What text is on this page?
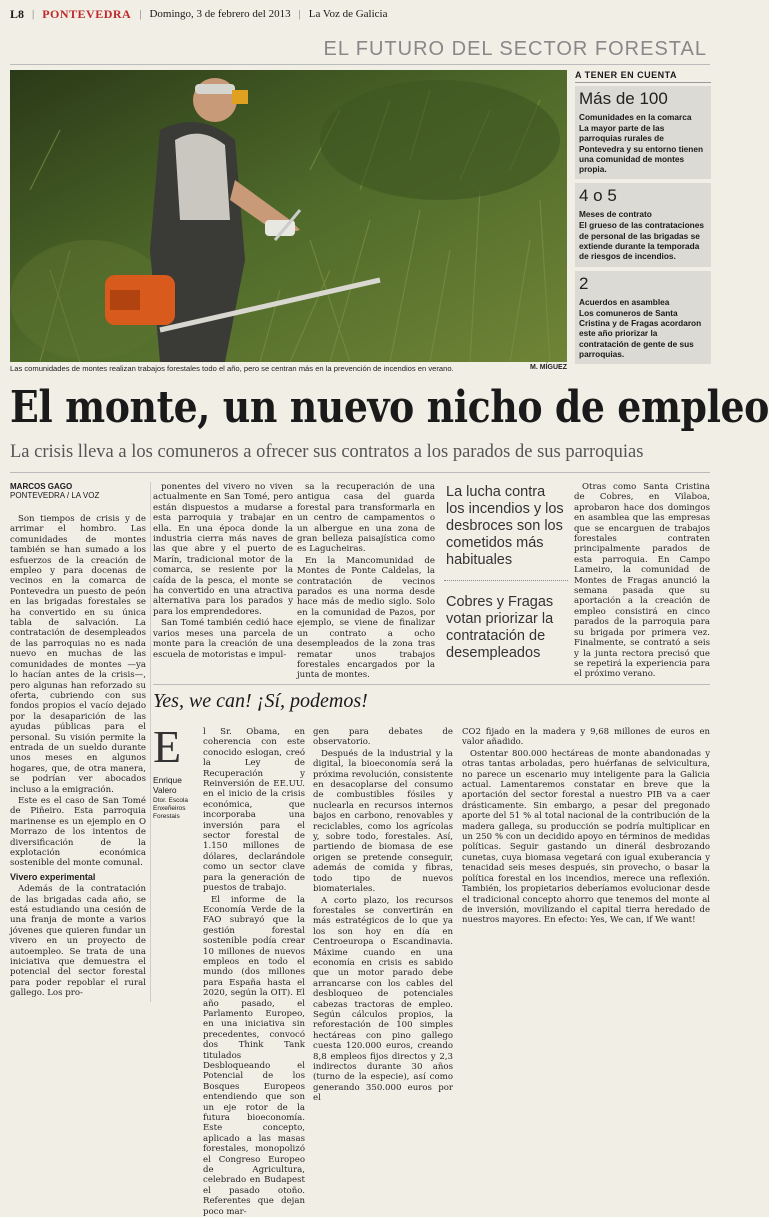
L8 | PONTEVEDRA | Domingo, 3 de febrero del 2013 | La Voz de Galicia
EL FUTURO DEL SECTOR FORESTAL
Las comunidades de montes realizan trabajos forestales todo el año, pero se centran más en la prevención de incendios en verano.	M. MÍGUEZ
A TENER EN CUENTA
Más de 100
Comunidades en la comarca
La mayor parte de las parroquias rurales de Pontevedra y su entorno tienen una comunidad de montes propia.
4 o 5
Meses de contrato
El grueso de las contrataciones de personal de las brigadas se extiende durante la temporada de riesgos de incendios.
2
Acuerdos en asamblea
Los comuneros de Santa Cristina y de Fragas acordaron este año priorizar la contratación de gente de sus parroquias.
El monte, un nuevo nicho de empleo
La crisis lleva a los comuneros a ofrecer sus contratos a los parados de sus parroquias
MARCOS GAGO
PONTEVEDRA / LA VOZ

Son tiempos de crisis y de arrimar el hombro. Las comunidades de montes también se han sumado a los esfuerzos de la creación de empleo y para docenas de vecinos en la comarca de Pontevedra un puesto de peón en las brigadas forestales se ha convertido en su única tabla de salvación. La contratación de desempleados de las parroquias no es nada nuevo en muchas de las comunidades de montes —ya lo hacían antes de la crisis—, pero algunas han reforzado su oferta, cubriendo con sus fondos propios el vacío dejado por la desaparición de las ayudas públicas para el personal. Su visión permite la entrada de un sueldo durante unos meses en algunos hogares, que, de otra manera, se podrían ver abocados incluso a la emigración.

Este es el caso de San Tomé de Piñeiro. Esta parroquia marinense es un ejemplo en O Morrazo de los intentos de diversificación de la explotación económica sostenible del monte comunal.

Vivero experimental

Además de la contratación de las brigadas cada año, se está estudiando una cesión de una franja de monte a varios jóvenes que quieren fundar un vivero en un proyecto de autoempleo. Se trata de una iniciativa que demuestra el potencial del sector forestal para poder repoblar el rural gallego. Los pro-

ponentes del vivero no viven actualmente en San Tomé, pero están dispuestos a mudarse a esta parroquia y trabajar en ella. En una época donde la industria cierra más naves de las que abre y el puerto de Marín, tradicional motor de la comarca, se resiente por la caída de la pesca, el monte se ha convertido en una atractiva alternativa para los parados y para los emprendedores.

San Tomé también cedió hace varios meses una parcela de monte para la creación de una escuela de motoristas e impul-

sa la recuperación de una antigua casa del guarda forestal para transformarla en un centro de campamentos o un albergue en una zona de gran belleza paisajística como es Lagucheiras.

En la Mancomunidad de Montes de Ponte Caldelas, la contratación de vecinos parados es una norma desde hace más de medio siglo. Solo en la comunidad de Pazos, por ejemplo, se viene de finalizar un contrato a ocho desempleados de la zona tras rematar unos trabajos forestales encargados por la junta de montes.

La lucha contra los incendios y los desbroces son los cometidos más habituales
Cobres y Fragas votan priorizar la contratación de desempleados

Otras como Santa Cristina de Cobres, en Vilaboa, aprobaron hace dos domingos en asamblea que las empresas que se encarguen de trabajos forestales contraten principalmente parados de esta parroquia. En Campo Lameiro, la comunidad de Montes de Fragas anunció la semana pasada que su aportación a la creación de empleo consistirá en cinco parados de la parroquia para su brigada por primera vez. Finalmente, se contrató a seis y la junta rectora precisó que se repetirá la experiencia para el próximo verano.

Yes, we can! ¡Sí, podemos!
E
Enrique Valero
Dtor. Escola Enxeñeiros Forestais

l Sr. Obama, en coherencia con este conocido eslogan, creó la Ley de Recuperación y Reinversión de EE.UU. en el inicio de la crisis económica, que incorporaba una inversión para el sector forestal de 1.150 millones de dólares, declarándole como un sector clave para la generación de puestos de trabajo.

El informe de la Economía Verde de la FAO subrayó que la gestión forestal sostenible podía crear 10 millones de nuevos empleos en todo el mundo (dos millones para España hasta el 2020, según la OIT). El año pasado, el Parlamento Europeo, en una iniciativa sin precedentes, convocó dos Think Tank titulados Desbloqueando el Potencial de los Bosques Europeos entendiendo que son un eje rotor de la futura bioeconomía. Este concepto, aplicado a las masas forestales, monopolizó el Congreso Europeo de Agricultura, celebrado en Budapest el pasado otoño. Referentes que dejan poco mar-

gen para debates de observatorio.

Después de la industrial y la digital, la bioeconomía será la próxima revolución, consistente en desacoplarse del consumo de combustibles fósiles y nuclearla en recursos internos bajos en carbono, renovables y reciclables, como los agrícolas y, sobre todo, forestales. Así, partiendo de biomasa de ese origen se pretende conseguir, además de comida y fibras, todo tipo de nuevos biomateriales.

A corto plazo, los recursos forestales se convertirán en más estratégicos de lo que ya los son hoy en día en Centroeuropa o Escandinavia. Máxime cuando en una economía en crisis es sabido que un motor parado debe arrancarse con los cables del desbloqueo de potenciales cabezas tractoras de empleo. Según cálculos propios, la reforestación de 100 simples hectáreas con pino gallego cuesta 120.000 euros, creando 8,8 empleos fijos directos y 2,3 indirectos durante 30 años (turno de la especie), así como generando 350.000 euros por el

CO2 fijado en la madera y 9,68 millones de euros en valor añadido.

Ostentar 800.000 hectáreas de monte abandonadas y otras tantas arboladas, pero huérfanas de selvicultura, no parece un escenario muy inteligente para la Galicia actual. Lamentaremos constatar en breve que la aportación del sector forestal a nuestro PIB va a caer drásticamente. Sin embargo, a pesar del pregonado aporte del 51 % al total nacional de la contribución de la madera gallega, su producción se podría multiplicar en un 250 % con un decidido apoyo en términos de medidas políticas. Seguir gastando un dinerál desbrozando cunetas, cuya biomasa vegetará con igual exuberancia y tenacidad seis meses después, sin provecho, o basar la política forestal en los incendios, merece una reflexión. También, los propietarios deberíamos evolucionar desde el tradicional concepto ahorro que tenemos del monte al de inversión, movilizando el capital tierra heredado de nuestros mayores. En efecto: Yes, We can, if We want!
